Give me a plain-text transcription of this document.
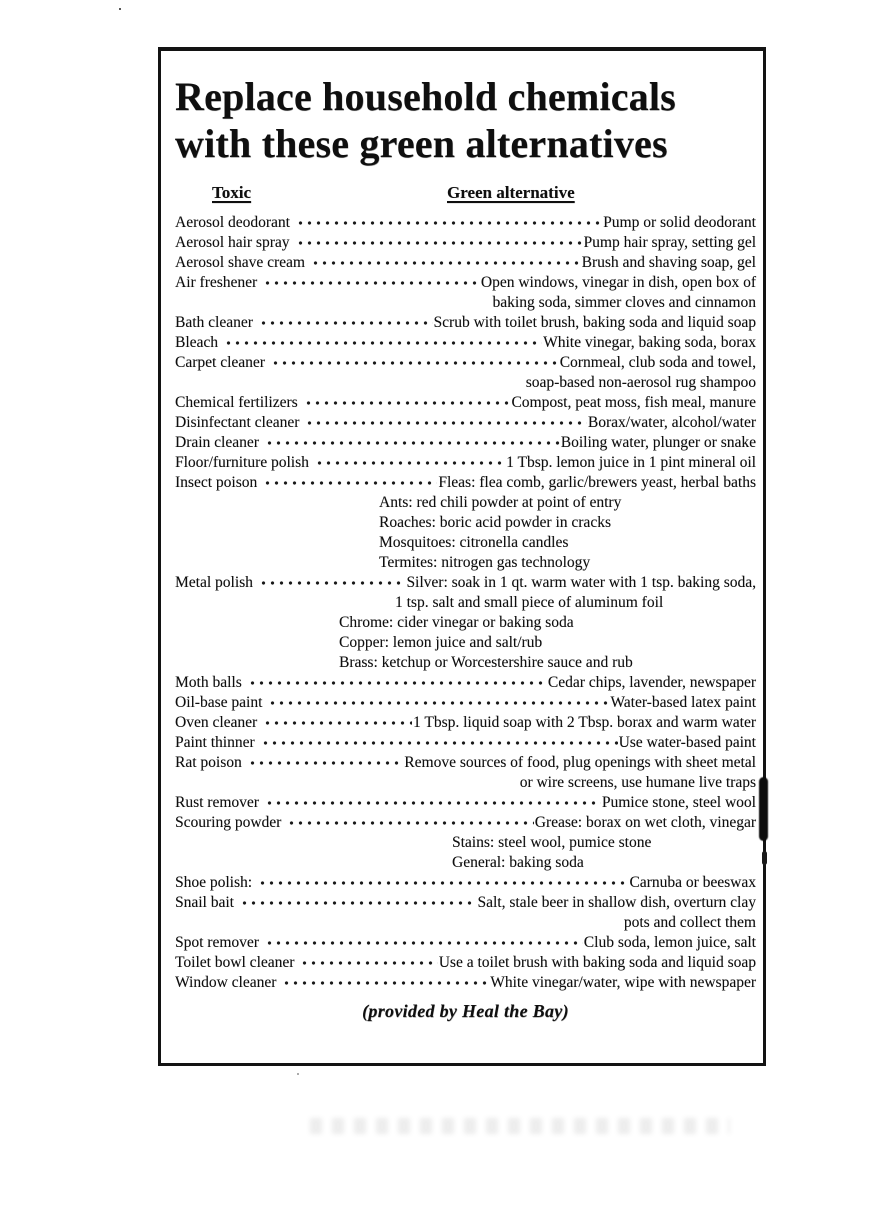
Replace household chemicals
with these green alternatives
Toxic	Green alternative
Aerosol deodorant	Pump or solid deodorant
Aerosol hair spray	Pump hair spray, setting gel
Aerosol shave cream	Brush and shaving soap, gel
Air freshener	Open windows, vinegar in dish, open box of
baking soda, simmer cloves and cinnamon
Bath cleaner	Scrub with toilet brush, baking soda and liquid soap
Bleach	White vinegar, baking soda, borax
Carpet cleaner	Cornmeal, club soda and towel,
soap-based non-aerosol rug shampoo
Chemical fertilizers	Compost, peat moss, fish meal, manure
Disinfectant cleaner	Borax/water, alcohol/water
Drain cleaner	Boiling water, plunger or snake
Floor/furniture polish	1 Tbsp. lemon juice in 1 pint mineral oil
Insect poison	Fleas: flea comb, garlic/brewers yeast, herbal baths
Ants: red chili powder at point of entry
Roaches: boric acid powder in cracks
Mosquitoes: citronella candles
Termites: nitrogen gas technology
Metal polish	Silver: soak in 1 qt. warm water with 1 tsp. baking soda,
1 tsp. salt and small piece of aluminum foil
Chrome: cider vinegar or baking soda
Copper: lemon juice and salt/rub
Brass: ketchup or Worcestershire sauce and rub
Moth balls	Cedar chips, lavender, newspaper
Oil-base paint	Water-based latex paint
Oven cleaner	1 Tbsp. liquid soap with 2 Tbsp. borax and warm water
Paint thinner	Use water-based paint
Rat poison	Remove sources of food, plug openings with sheet metal
or wire screens, use humane live traps
Rust remover	Pumice stone, steel wool
Scouring powder	Grease: borax on wet cloth, vinegar
Stains: steel wool, pumice stone
General: baking soda
Shoe polish:	Carnuba or beeswax
Snail bait	Salt, stale beer in shallow dish, overturn clay
pots and collect them
Spot remover	Club soda, lemon juice, salt
Toilet bowl cleaner	Use a toilet brush with baking soda and liquid soap
Window cleaner	White vinegar/water, wipe with newspaper
(provided by Heal the Bay)
